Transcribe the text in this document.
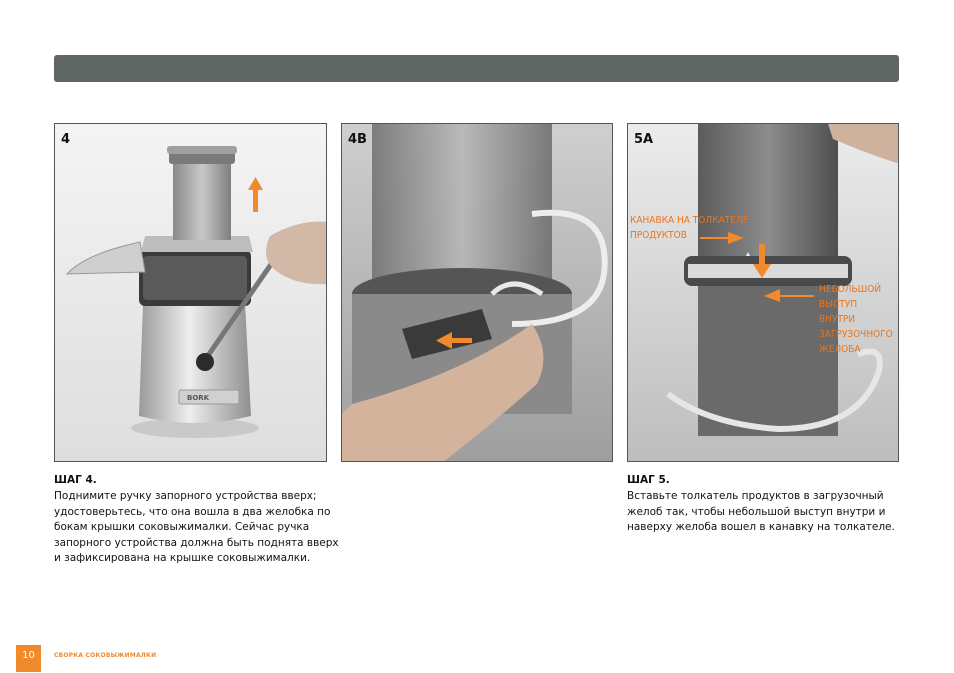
BORK
4	4B	5A
КАНАВКА НА ТОЛКАТЕЛЕ
ПРОДУКТОВ
НЕБОЛЬШОЙ
ВЫСТУП
ВНУТРИ
ЗАГРУЗОЧНОГО
ЖЕЛОБА
ШАГ 4.
Поднимите ручку запорного устройства вверх;
удостоверьтесь, что она вошла в два желобка по
бокам крышки соковыжималки. Сейчас ручка
запорного устройства должна быть поднята вверх
и зафиксирована на крышке соковыжималки.
ШАГ 5.
Вставьте толкатель продуктов в загрузочный
желоб так, чтобы небольшой выступ внутри и
наверху желоба вошел в канавку на толкателе.
10	СБОРКА СОКОВЫЖИМАЛКИ
